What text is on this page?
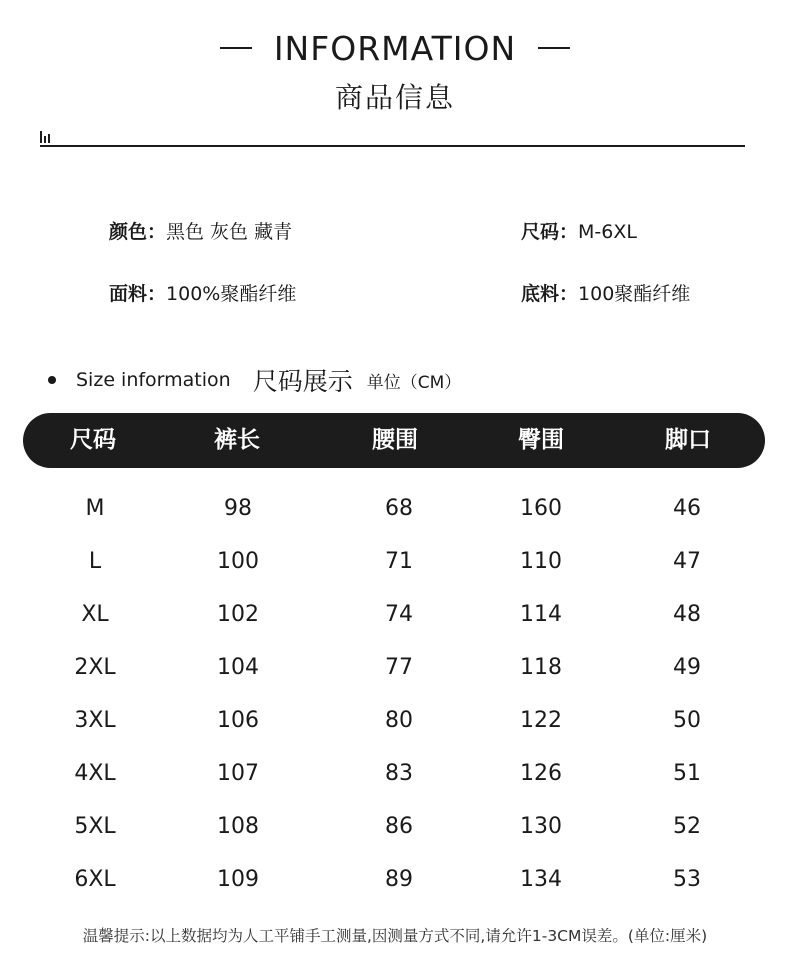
INFORMATION
商品信息
颜色：黑色 灰色 藏青	尺码：M-6XL
面料：100%聚酯纤维	底料：100聚酯纤维
Size information 尺码展示 单位（CM）
尺码	裤长	腰围	臀围	脚口
M	98	68	160	46
L	100	71	110	47
XL	102	74	114	48
2XL	104	77	118	49
3XL	106	80	122	50
4XL	107	83	126	51
5XL	108	86	130	52
6XL	109	89	134	53
温馨提示:以上数据均为人工平铺手工测量,因测量方式不同,请允许1-3CM误差。(单位:厘米)
